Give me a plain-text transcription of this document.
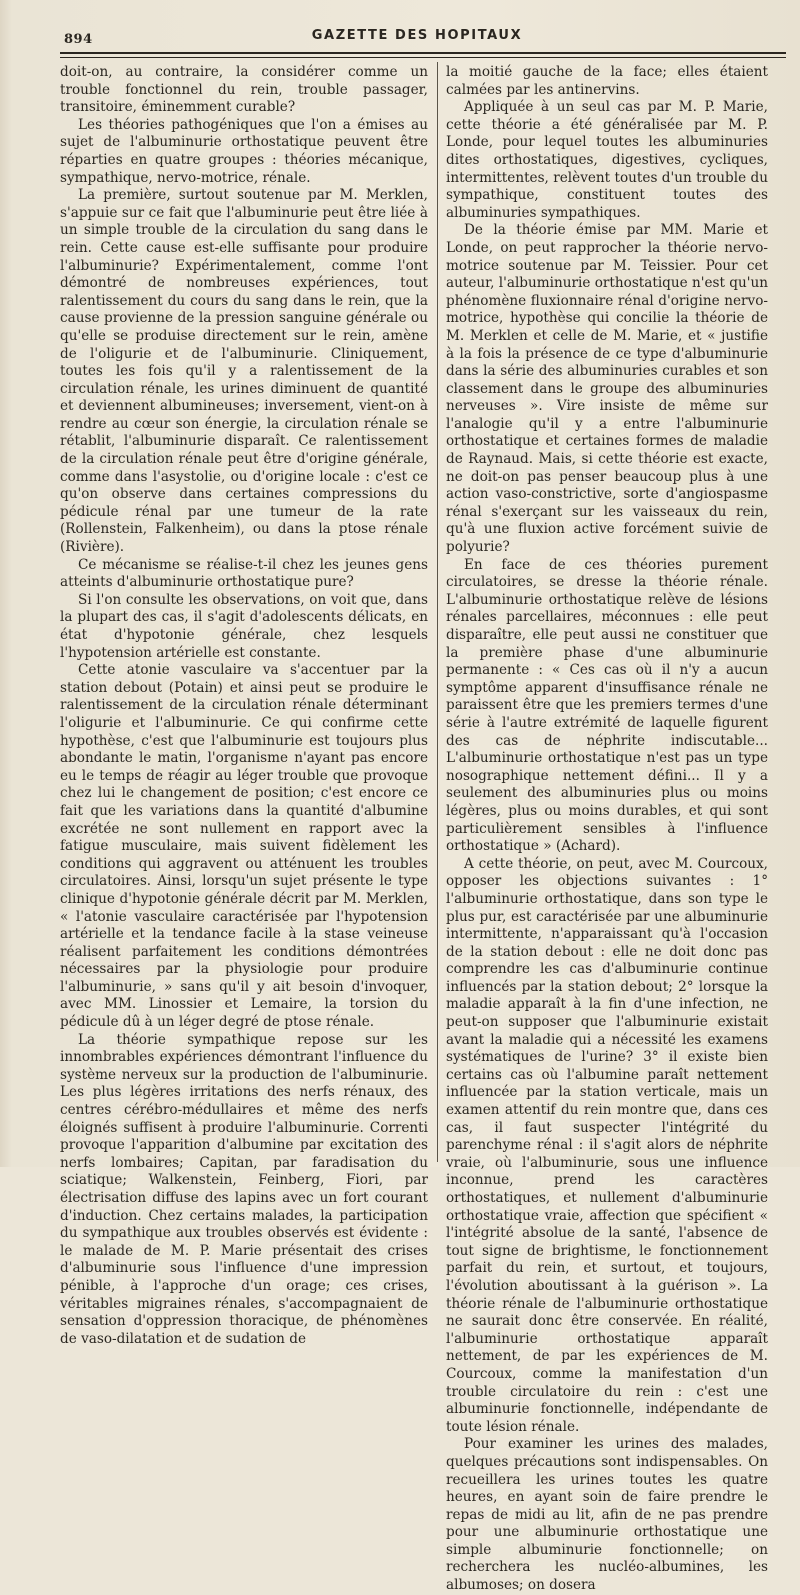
894	GAZETTE DES HOPITAUX

doit-on, au contraire, la considérer comme un trouble fonctionnel du rein, trouble passager, transitoire, éminemment curable?

Les théories pathogéniques que l'on a émises au sujet de l'albuminurie orthostatique peuvent être réparties en quatre groupes : théories mécanique, sympathique, nervo-motrice, rénale.

La première, surtout soutenue par M. Merklen, s'appuie sur ce fait que l'albuminurie peut être liée à un simple trouble de la circulation du sang dans le rein. Cette cause est-elle suffisante pour produire l'albuminurie? Expérimentalement, comme l'ont démontré de nombreuses expériences, tout ralentissement du cours du sang dans le rein, que la cause provienne de la pression sanguine générale ou qu'elle se produise directement sur le rein, amène de l'oligurie et de l'albuminurie. Cliniquement, toutes les fois qu'il y a ralentissement de la circulation rénale, les urines diminuent de quantité et deviennent albumineuses; inversement, vient-on à rendre au cœur son énergie, la circulation rénale se rétablit, l'albuminurie disparaît. Ce ralentissement de la circulation rénale peut être d'origine générale, comme dans l'asystolie, ou d'origine locale : c'est ce qu'on observe dans certaines compressions du pédicule rénal par une tumeur de la rate (Rollenstein, Falkenheim), ou dans la ptose rénale (Rivière).

Ce mécanisme se réalise-t-il chez les jeunes gens atteints d'albuminurie orthostatique pure?

Si l'on consulte les observations, on voit que, dans la plupart des cas, il s'agit d'adolescents délicats, en état d'hypotonie générale, chez lesquels l'hypotension artérielle est constante.

Cette atonie vasculaire va s'accentuer par la station debout (Potain) et ainsi peut se produire le ralentissement de la circulation rénale déterminant l'oligurie et l'albuminurie. Ce qui confirme cette hypothèse, c'est que l'albuminurie est toujours plus abondante le matin, l'organisme n'ayant pas encore eu le temps de réagir au léger trouble que provoque chez lui le changement de position; c'est encore ce fait que les variations dans la quantité d'albumine excrétée ne sont nullement en rapport avec la fatigue musculaire, mais suivent fidèlement les conditions qui aggravent ou atténuent les troubles circulatoires. Ainsi, lorsqu'un sujet présente le type clinique d'hypotonie générale décrit par M. Merklen, « l'atonie vasculaire caractérisée par l'hypotension artérielle et la tendance facile à la stase veineuse réalisent parfaitement les conditions démontrées nécessaires par la physiologie pour produire l'albuminurie, » sans qu'il y ait besoin d'invoquer, avec MM. Linossier et Lemaire, la torsion du pédicule dû à un léger degré de ptose rénale.

La théorie sympathique repose sur les innombrables expériences démontrant l'influence du système nerveux sur la production de l'albuminurie. Les plus légères irritations des nerfs rénaux, des centres cérébro-médullaires et même des nerfs éloignés suffisent à produire l'albuminurie. Correnti provoque l'apparition d'albumine par excitation des nerfs lombaires; Capitan, par faradisation du sciatique; Walkenstein, Feinberg, Fiori, par électrisation diffuse des lapins avec un fort courant d'induction. Chez certains malades, la participation du sympathique aux troubles observés est évidente : le malade de M. P. Marie présentait des crises d'albuminurie sous l'influence d'une impression pénible, à l'approche d'un orage; ces crises, véritables migraines rénales, s'accompagnaient de sensation d'oppression thoracique, de phénomènes de vaso-dilatation et de sudation de

la moitié gauche de la face; elles étaient calmées par les antinervins.

Appliquée à un seul cas par M. P. Marie, cette théorie a été généralisée par M. P. Londe, pour lequel toutes les albuminuries dites orthostatiques, digestives, cycliques, intermittentes, relèvent toutes d'un trouble du sympathique, constituent toutes des albuminuries sympathiques.

De la théorie émise par MM. Marie et Londe, on peut rapprocher la théorie nervo-motrice soutenue par M. Teissier. Pour cet auteur, l'albuminurie orthostatique n'est qu'un phénomène fluxionnaire rénal d'origine nervo-motrice, hypothèse qui concilie la théorie de M. Merklen et celle de M. Marie, et « justifie à la fois la présence de ce type d'albuminurie dans la série des albuminuries curables et son classement dans le groupe des albuminuries nerveuses ». Vire insiste de même sur l'analogie qu'il y a entre l'albuminurie orthostatique et certaines formes de maladie de Raynaud. Mais, si cette théorie est exacte, ne doit-on pas penser beaucoup plus à une action vaso-constrictive, sorte d'angiospasme rénal s'exerçant sur les vaisseaux du rein, qu'à une fluxion active forcément suivie de polyurie?

En face de ces théories purement circulatoires, se dresse la théorie rénale. L'albuminurie orthostatique relève de lésions rénales parcellaires, méconnues : elle peut disparaître, elle peut aussi ne constituer que la première phase d'une albuminurie permanente : « Ces cas où il n'y a aucun symptôme apparent d'insuffisance rénale ne paraissent être que les premiers termes d'une série à l'autre extrémité de laquelle figurent des cas de néphrite indiscutable... L'albuminurie orthostatique n'est pas un type nosographique nettement défini... Il y a seulement des albuminuries plus ou moins légères, plus ou moins durables, et qui sont particulièrement sensibles à l'influence orthostatique » (Achard).

A cette théorie, on peut, avec M. Courcoux, opposer les objections suivantes : 1° l'albuminurie orthostatique, dans son type le plus pur, est caractérisée par une albuminurie intermittente, n'apparaissant qu'à l'occasion de la station debout : elle ne doit donc pas comprendre les cas d'albuminurie continue influencés par la station debout; 2° lorsque la maladie apparaît à la fin d'une infection, ne peut-on supposer que l'albuminurie existait avant la maladie qui a nécessité les examens systématiques de l'urine? 3° il existe bien certains cas où l'albumine paraît nettement influencée par la station verticale, mais un examen attentif du rein montre que, dans ces cas, il faut suspecter l'intégrité du parenchyme rénal : il s'agit alors de néphrite vraie, où l'albuminurie, sous une influence inconnue, prend les caractères orthostatiques, et nullement d'albuminurie orthostatique vraie, affection que spécifient « l'intégrité absolue de la santé, l'absence de tout signe de brightisme, le fonctionnement parfait du rein, et surtout, et toujours, l'évolution aboutissant à la guérison ». La théorie rénale de l'albuminurie orthostatique ne saurait donc être conservée. En réalité, l'albuminurie orthostatique apparaît nettement, de par les expériences de M. Courcoux, comme la manifestation d'un trouble circulatoire du rein : c'est une albuminurie fonctionnelle, indépendante de toute lésion rénale.

Pour examiner les urines des malades, quelques précautions sont indispensables. On recueillera les urines toutes les quatre heures, en ayant soin de faire prendre le repas de midi au lit, afin de ne pas prendre pour une albuminurie orthostatique une simple albuminurie fonctionnelle; on recherchera les nucléo-albumines, les albumoses; on dosera
